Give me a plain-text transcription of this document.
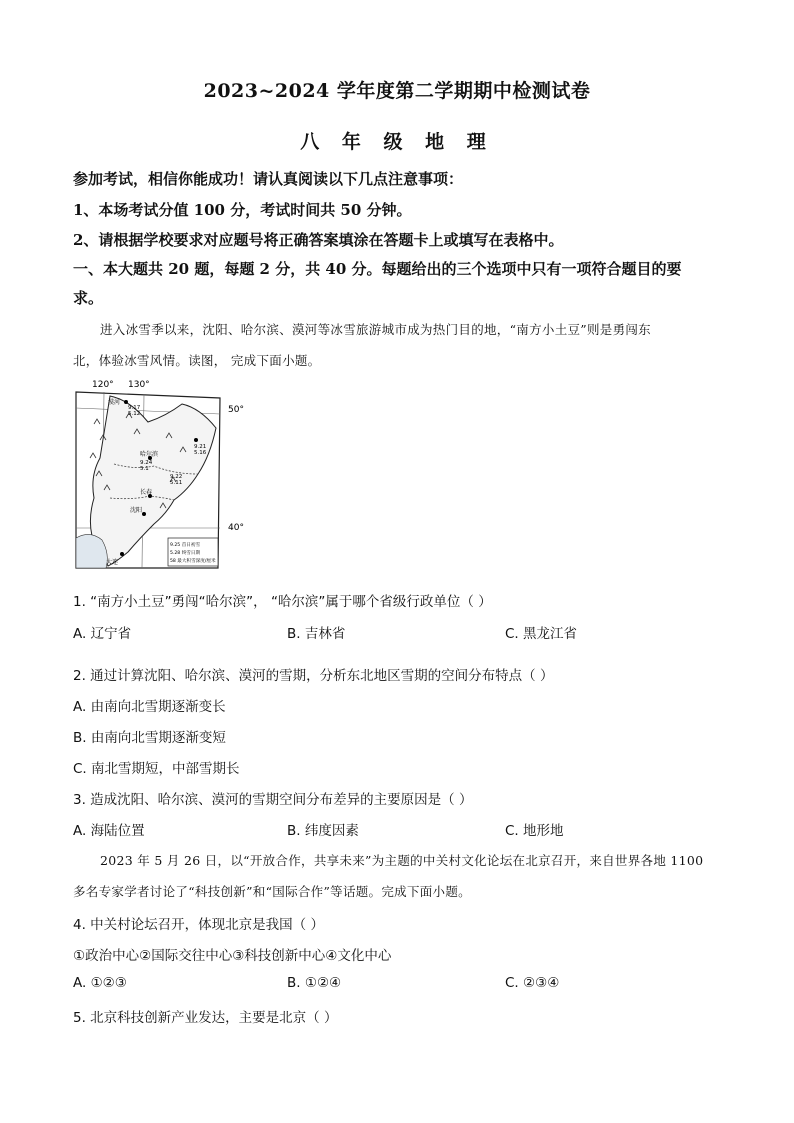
2023~2024 学年度第二学期期中检测试卷
八 年 级 地 理
参加考试，相信你能成功！请认真阅读以下几点注意事项：
1、本场考试分值 100 分，考试时间共 50 分钟。
2、请根据学校要求对应题号将正确答案填涂在答题卡上或填写在表格中。
一、本大题共 20 题，每题 2 分，共 40 分。每题给出的三个选项中只有一项符合题目的要
求。
进入冰雪季以来，沈阳、哈尔滨、漠河等冰雪旅游城市成为热门目的地，“南方小土豆”则是勇闯东
北，体验冰雪风情。读图， 完成下面小题。
120° 130°
50°
40°
漠河
9.17
5.12
哈尔滨
9.24
5.1
9.21
5.16
长春
9.22
5.11
沈阳
大连
9.25 首日初雪
5.28 终雪日期
58 最大积雪深度/厘米
1. “南方小土豆”勇闯“哈尔滨”， “哈尔滨”属于哪个省级行政单位（ ）
A. 辽宁省	B. 吉林省	C. 黑龙江省
2. 通过计算沈阳、哈尔滨、漠河的雪期，分析东北地区雪期的空间分布特点（ ）
A. 由南向北雪期逐渐变长
B. 由南向北雪期逐渐变短
C. 南北雪期短，中部雪期长
3. 造成沈阳、哈尔滨、漠河的雪期空间分布差异的主要原因是（ ）
A. 海陆位置	B. 纬度因素	C. 地形地
2023 年 5 月 26 日，以“开放合作，共享未来”为主题的中关村文化论坛在北京召开，来自世界各地 1100
多名专家学者讨论了“科技创新”和“国际合作”等话题。完成下面小题。
4. 中关村论坛召开，体现北京是我国（ ）
①政治中心②国际交往中心③科技创新中心④文化中心
A. ①②③	B. ①②④	C. ②③④
5. 北京科技创新产业发达，主要是北京（ ）
